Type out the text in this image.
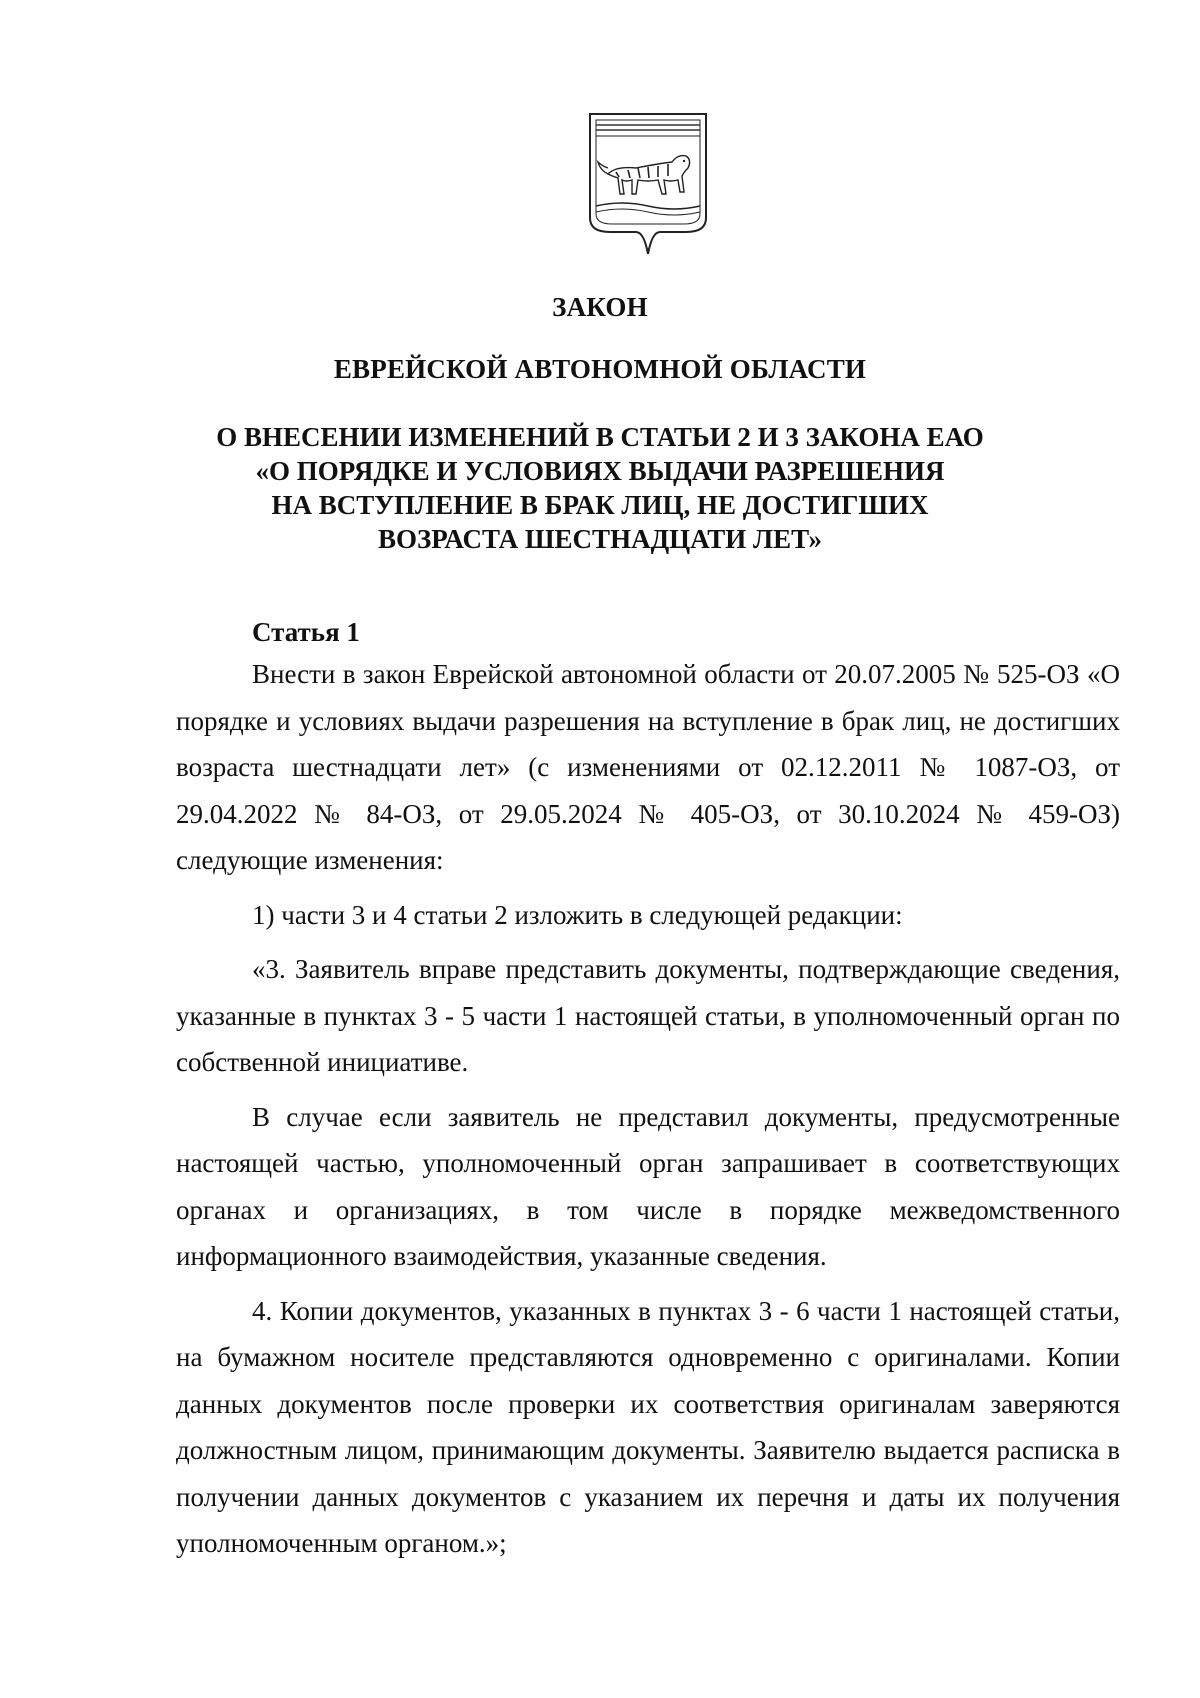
ЗАКОН
ЕВРЕЙСКОЙ АВТОНОМНОЙ ОБЛАСТИ
О ВНЕСЕНИИ ИЗМЕНЕНИЙ В СТАТЬИ 2 И 3 ЗАКОНА ЕАО
«О ПОРЯДКЕ И УСЛОВИЯХ ВЫДАЧИ РАЗРЕШЕНИЯ
НА ВСТУПЛЕНИЕ В БРАК ЛИЦ, НЕ ДОСТИГШИХ
ВОЗРАСТА ШЕСТНАДЦАТИ ЛЕТ»
Статья 1

Внести в закон Еврейской автономной области от 20.07.2005 № 525-ОЗ «О порядке и условиях выдачи разрешения на вступление в брак лиц, не достигших возраста шестнадцати лет» (с изменениями от 02.12.2011 № 1087-ОЗ, от 29.04.2022 № 84-ОЗ, от 29.05.2024 № 405-ОЗ, от 30.10.2024 № 459-ОЗ) следующие изменения:

1) части 3 и 4 статьи 2 изложить в следующей редакции:

«3. Заявитель вправе представить документы, подтверждающие сведения, указанные в пунктах 3 - 5 части 1 настоящей статьи, в уполномоченный орган по собственной инициативе.

В случае если заявитель не представил документы, предусмотренные настоящей частью, уполномоченный орган запрашивает в соответствующих органах и организациях, в том числе в порядке межведомственного информационного взаимодействия, указанные сведения.

4. Копии документов, указанных в пунктах 3 - 6 части 1 настоящей статьи, на бумажном носителе представляются одновременно с оригиналами. Копии данных документов после проверки их соответствия оригиналам заверяются должностным лицом, принимающим документы. Заявителю выдается расписка в получении данных документов с указанием их перечня и даты их получения уполномоченным органом.»;
